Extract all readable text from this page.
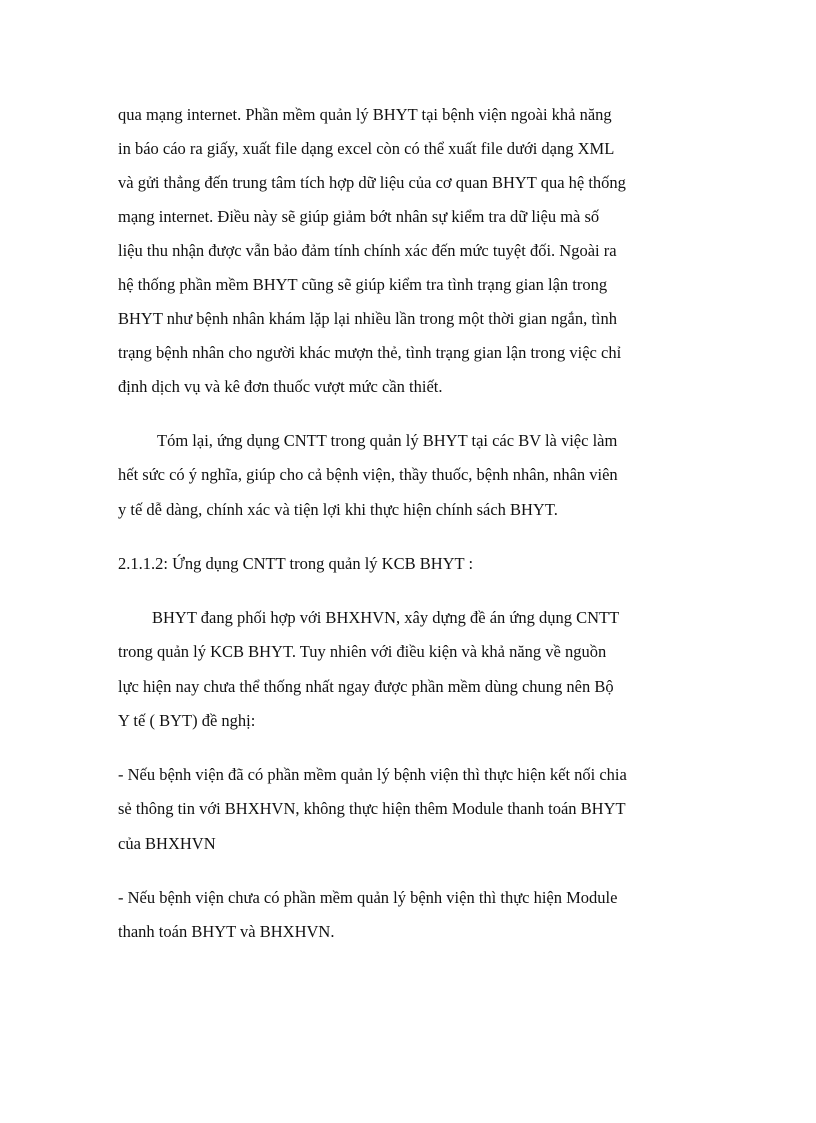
qua mạng internet. Phần mềm quản lý BHYT tại bệnh viện ngoài khả năng
in báo cáo ra giấy, xuất file dạng excel còn có thể xuất file dưới dạng XML
và gửi thẳng đến trung tâm tích hợp dữ liệu của cơ quan BHYT qua hệ thống
mạng internet. Điều này sẽ giúp giảm bớt nhân sự kiểm tra dữ liệu mà số
liệu thu nhận được vẫn bảo đảm tính chính xác đến mức tuyệt đối. Ngoài ra
hệ thống phần mềm BHYT cũng sẽ giúp kiểm tra tình trạng gian lận trong
BHYT như bệnh nhân khám lặp lại nhiều lần trong một thời gian ngắn, tình
trạng bệnh nhân cho người khác mượn thẻ, tình trạng gian lận trong việc chỉ
định dịch vụ và kê đơn thuốc vượt mức cần thiết.
Tóm lại, ứng dụng CNTT trong quản lý BHYT tại các BV là việc làm
hết sức có ý nghĩa, giúp cho cả bệnh viện, thầy thuốc, bệnh nhân, nhân viên
y tế dễ dàng, chính xác và tiện lợi khi thực hiện chính sách BHYT.
2.1.1.2: Ứng dụng CNTT trong quản lý KCB BHYT :
BHYT đang phối hợp với BHXHVN, xây dựng đề án ứng dụng CNTT
trong quản lý KCB BHYT. Tuy nhiên với điều kiện và khả năng về nguồn
lực hiện nay chưa thể thống nhất ngay được phần mềm dùng chung nên Bộ
Y tế ( BYT) đề nghị:
- Nếu bệnh viện đã có phần mềm quản lý bệnh viện thì thực hiện kết nối chia
sẻ thông tin với BHXHVN, không thực hiện thêm Module thanh toán BHYT
của BHXHVN
- Nếu bệnh viện chưa có phần mềm quản lý bệnh viện thì thực hiện Module
thanh toán BHYT và BHXHVN.
